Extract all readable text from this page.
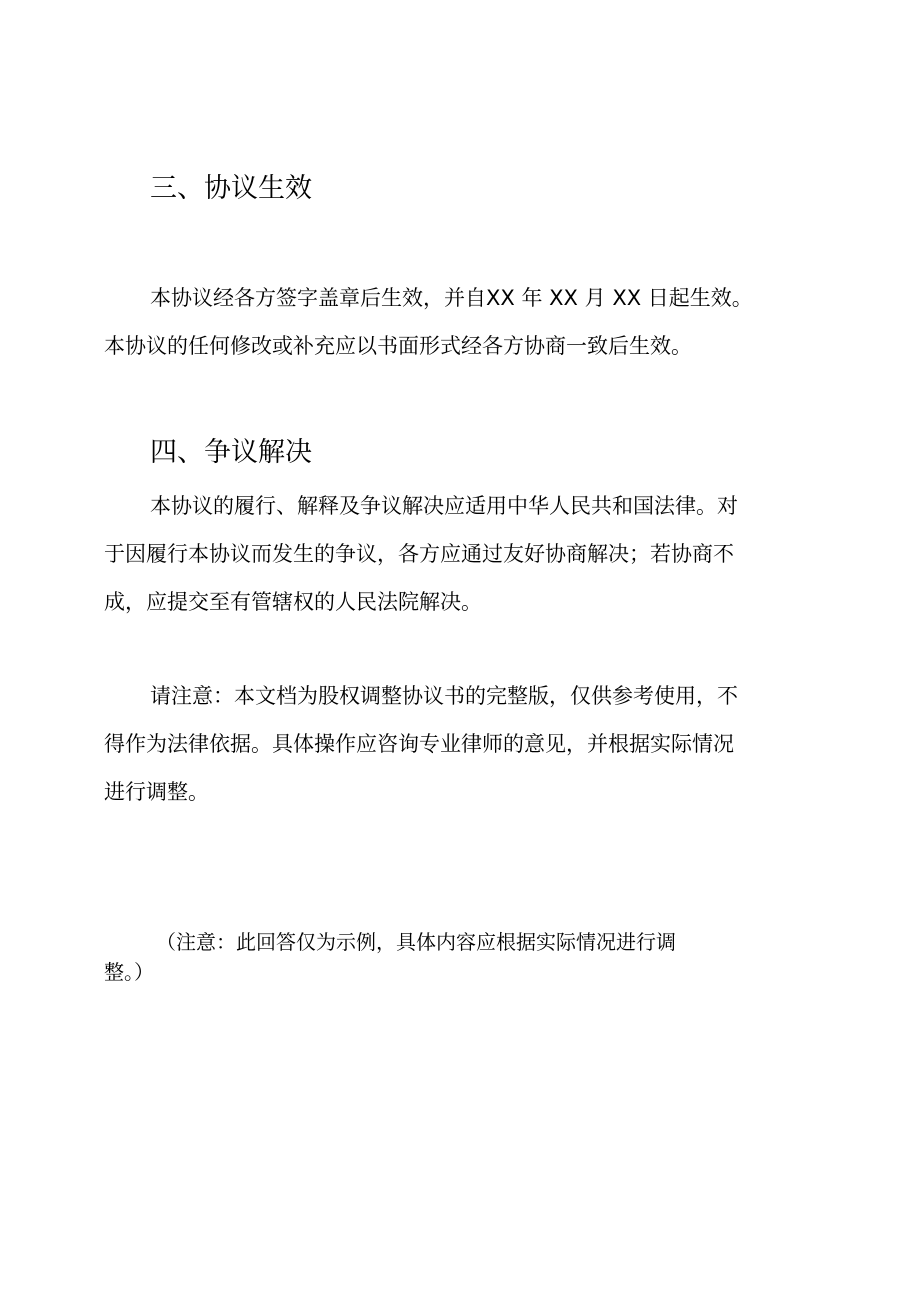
三、协议生效
本协议经各方签字盖章后生效，并自XX 年 XX 月 XX 日起生效。
本协议的任何修改或补充应以书面形式经各方协商一致后生效。
四、争议解决
本协议的履行、解释及争议解决应适用中华人民共和国法律。对
于因履行本协议而发生的争议，各方应通过友好协商解决；若协商不
成，应提交至有管辖权的人民法院解决。
请注意：本文档为股权调整协议书的完整版，仅供参考使用，不
得作为法律依据。具体操作应咨询专业律师的意见，并根据实际情况
进行调整。
（注意：此回答仅为示例，具体内容应根据实际情况进行调
整。）
